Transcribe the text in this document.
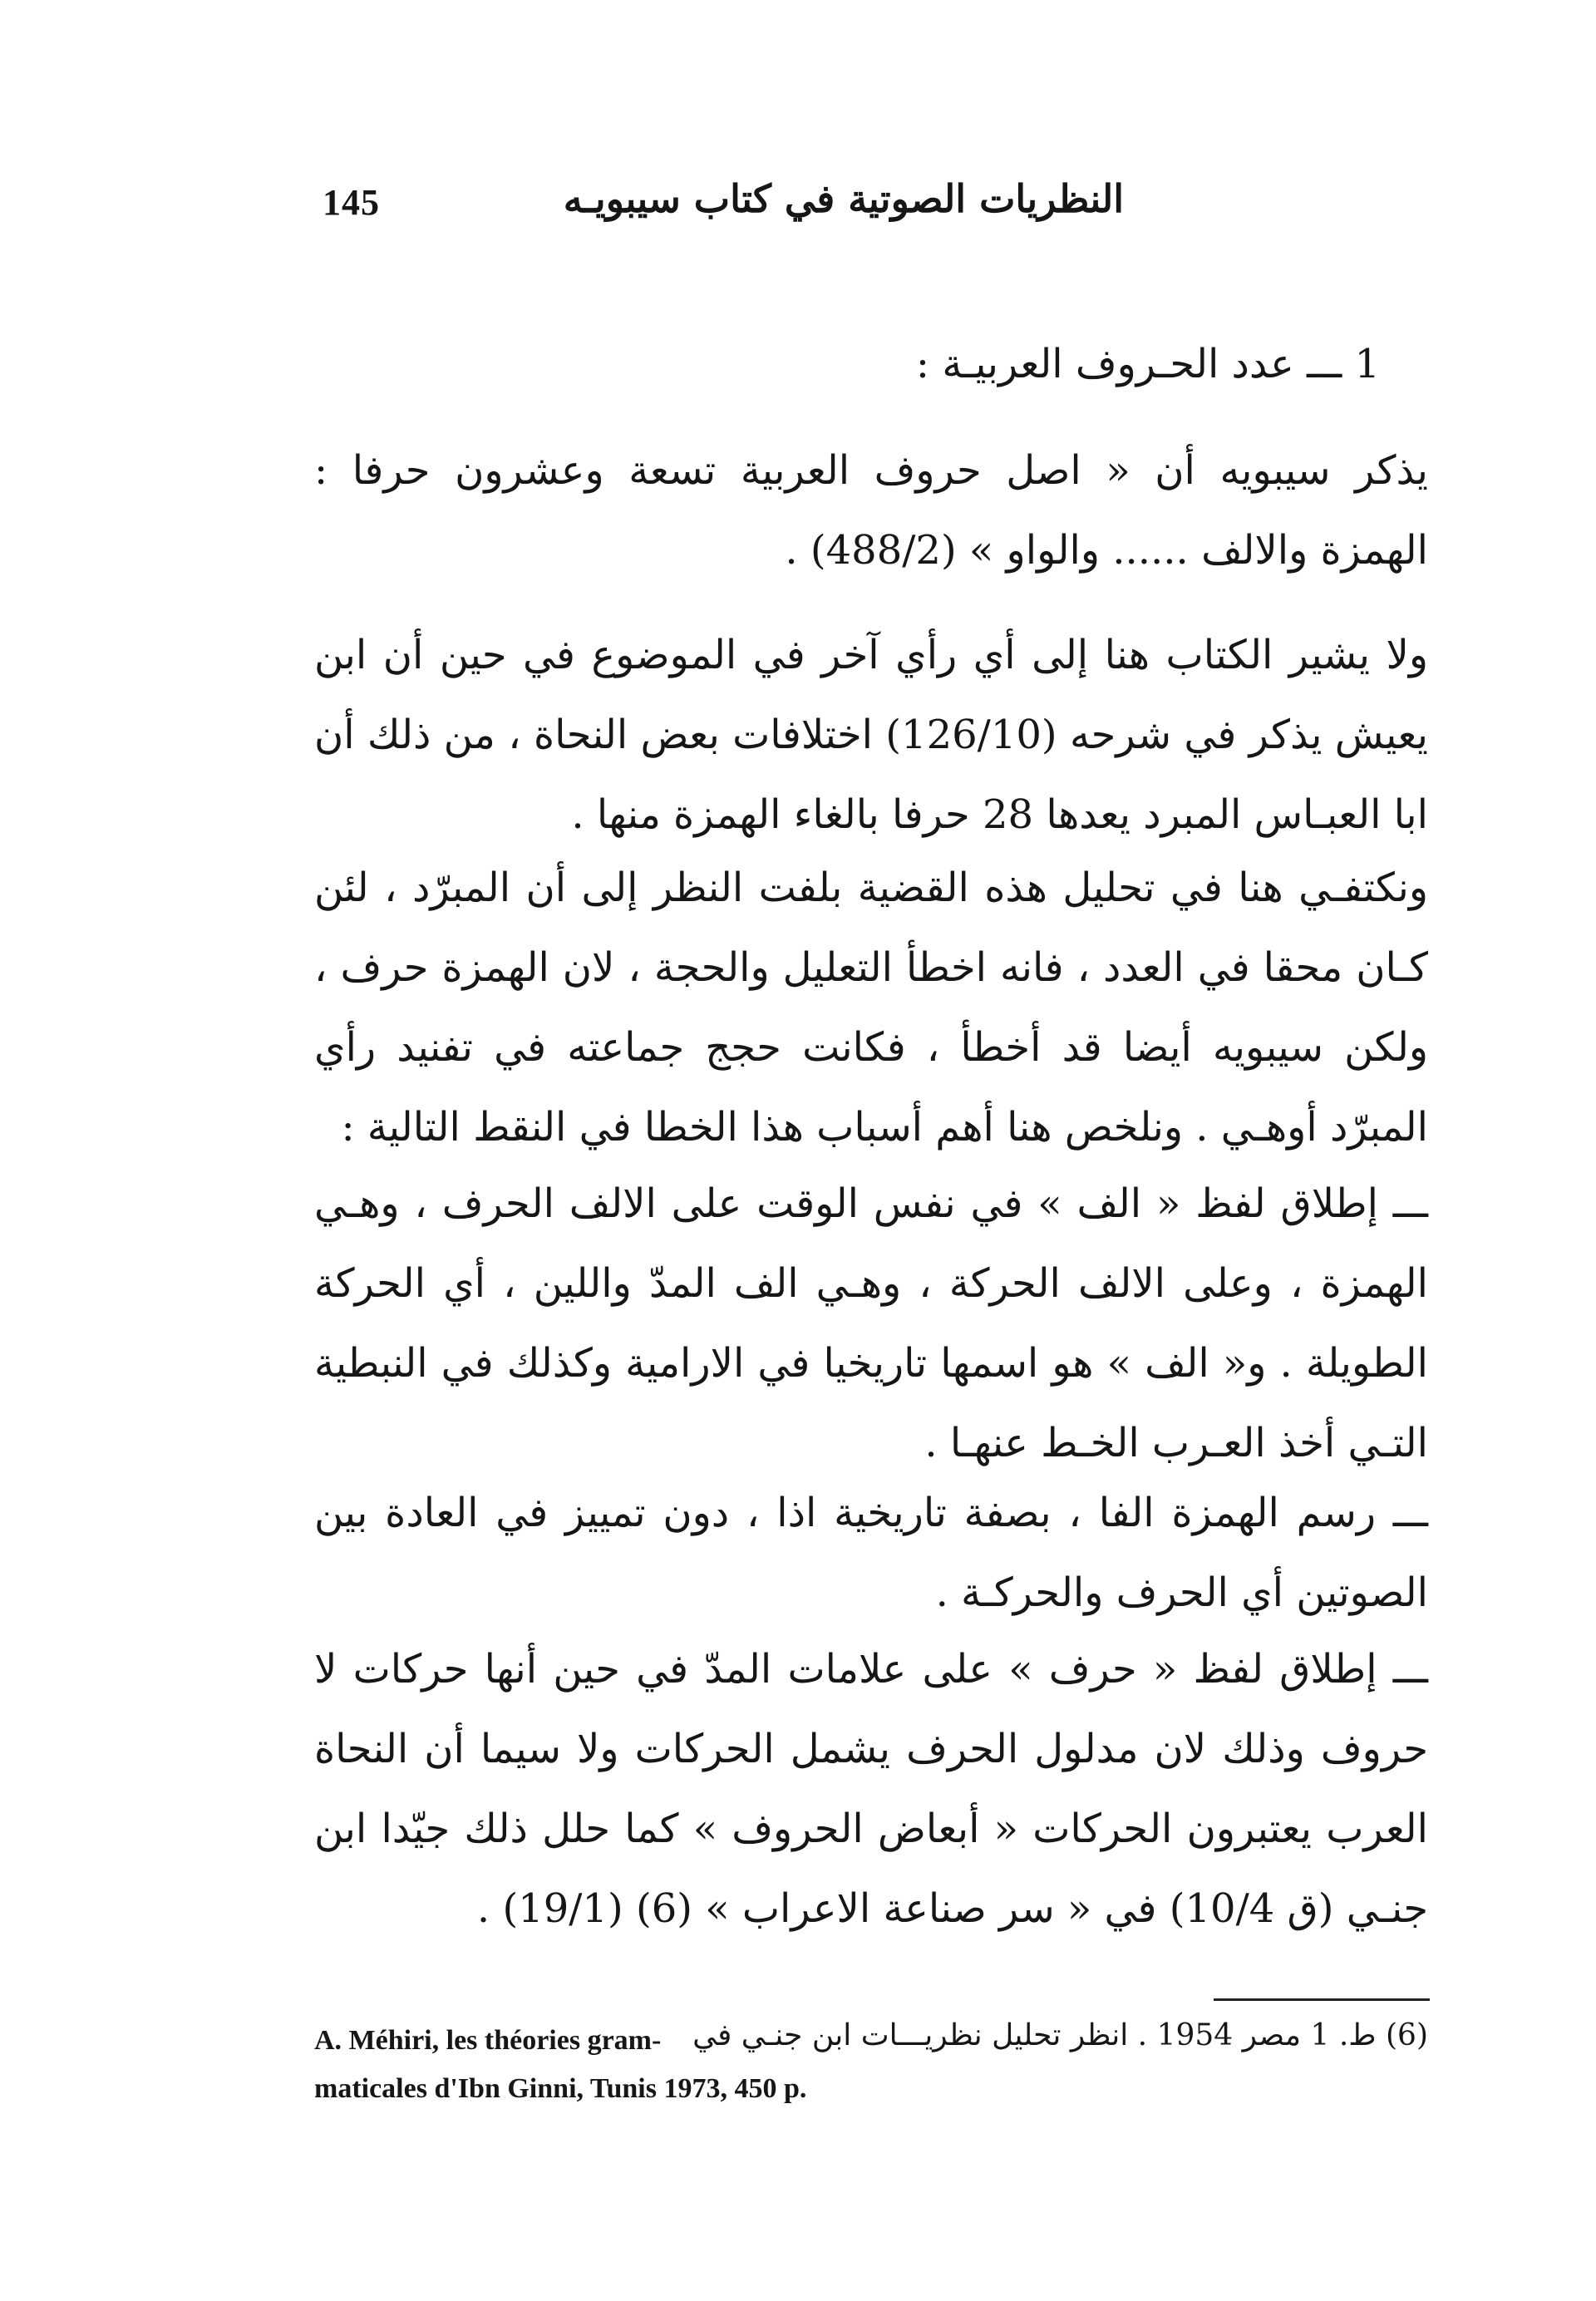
145	النظريات الصوتية في كتاب سيبويـه

1 ـــ عدد الحـروف العربيـة :

يذكر سيبويه أن « اصل حروف العربية تسعة وعشرون حرفا : الهمزة والالف ...... والواو » (488/2) .

ولا يشير الكتاب هنا إلى أي رأي آخر في الموضوع في حين أن ابن يعيش يذكر في شرحه (126/10) اختلافات بعض النحاة ، من ذلك أن ابا العبـاس المبرد يعدها 28 حرفا بالغاء الهمزة منها .

ونكتفـي هنا في تحليل هذه القضية بلفت النظر إلى أن المبرّد ، لئن كـان محقا في العدد ، فانه اخطأ التعليل والحجة ، لان الهمزة حرف ، ولكن سيبويه أيضا قد أخطأ ، فكانت حجج جماعته في تفنيد رأي المبرّد أوهـي . ونلخص هنا أهم أسباب هذا الخطا في النقط التالية :

ـــ إطلاق لفظ « الف » في نفس الوقت على الالف الحرف ، وهـي الهمزة ، وعلى الالف الحركة ، وهـي الف المدّ واللين ، أي الحركة الطويلة . و« الف » هو اسمها تاريخيا في الارامية وكذلك في النبطية التـي أخذ العـرب الخـط عنهـا .

ـــ رسم الهمزة الفا ، بصفة تاريخية اذا ، دون تمييز في العادة بين الصوتين أي الحرف والحركـة .

ـــ إطلاق لفظ « حرف » على علامات المدّ في حين أنها حركات لا حروف وذلك لان مدلول الحرف يشمل الحركات ولا سيما أن النحاة العرب يعتبرون الحركات « أبعاض الحروف » كما حلل ذلك جيّدا ابن جنـي (ق 10/4) في « سر صناعة الاعراب » (6) (19/1) .

(6) ط. 1 مصر 1954 . انظر تحليل نظريـــات ابن جنـي في
A. Méhiri, les théories gram-
maticales d'Ibn Ginni, Tunis 1973, 450 p.
